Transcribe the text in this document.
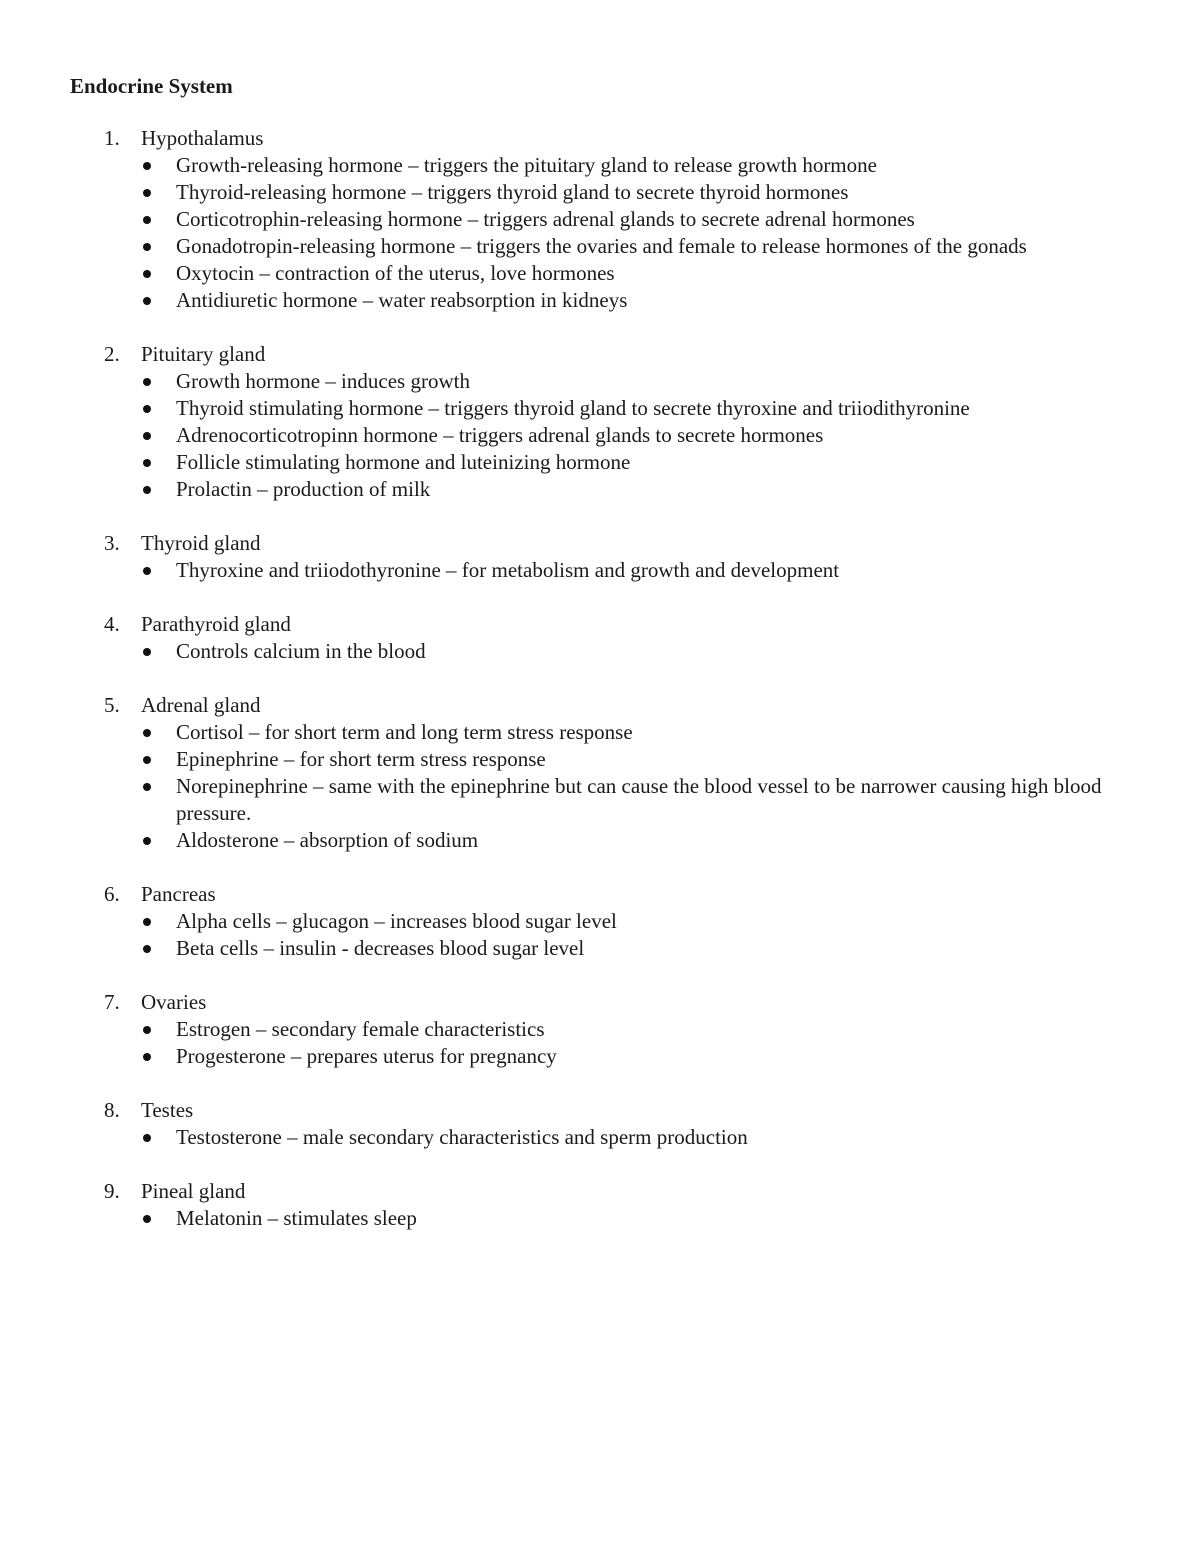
Endocrine System
1.	Hypothalamus
Growth-releasing hormone – triggers the pituitary gland to release growth hormone
Thyroid-releasing hormone – triggers thyroid gland to secrete thyroid hormones
Corticotrophin-releasing hormone – triggers adrenal glands to secrete adrenal hormones
Gonadotropin-releasing hormone – triggers the ovaries and female to release hormones of the gonads
Oxytocin – contraction of the uterus, love hormones
Antidiuretic hormone – water reabsorption in kidneys
2.	Pituitary gland
Growth hormone – induces growth
Thyroid stimulating hormone – triggers thyroid gland to secrete thyroxine and triiodithyronine
Adrenocorticotropinn hormone – triggers adrenal glands to secrete hormones
Follicle stimulating hormone and luteinizing hormone
Prolactin – production of milk
3.	Thyroid gland
Thyroxine and triiodothyronine – for metabolism and growth and development
4.	Parathyroid gland
Controls calcium in the blood
5.	Adrenal gland
Cortisol – for short term and long term stress response
Epinephrine – for short term stress response
Norepinephrine – same with the epinephrine but can cause the blood vessel to be narrower causing high blood pressure.
Aldosterone – absorption of sodium
6.	Pancreas
Alpha cells – glucagon – increases blood sugar level
Beta cells – insulin - decreases blood sugar level
7.	Ovaries
Estrogen – secondary female characteristics
Progesterone – prepares uterus for pregnancy
8.	Testes
Testosterone – male secondary characteristics and sperm production
9.	Pineal gland
Melatonin – stimulates sleep
